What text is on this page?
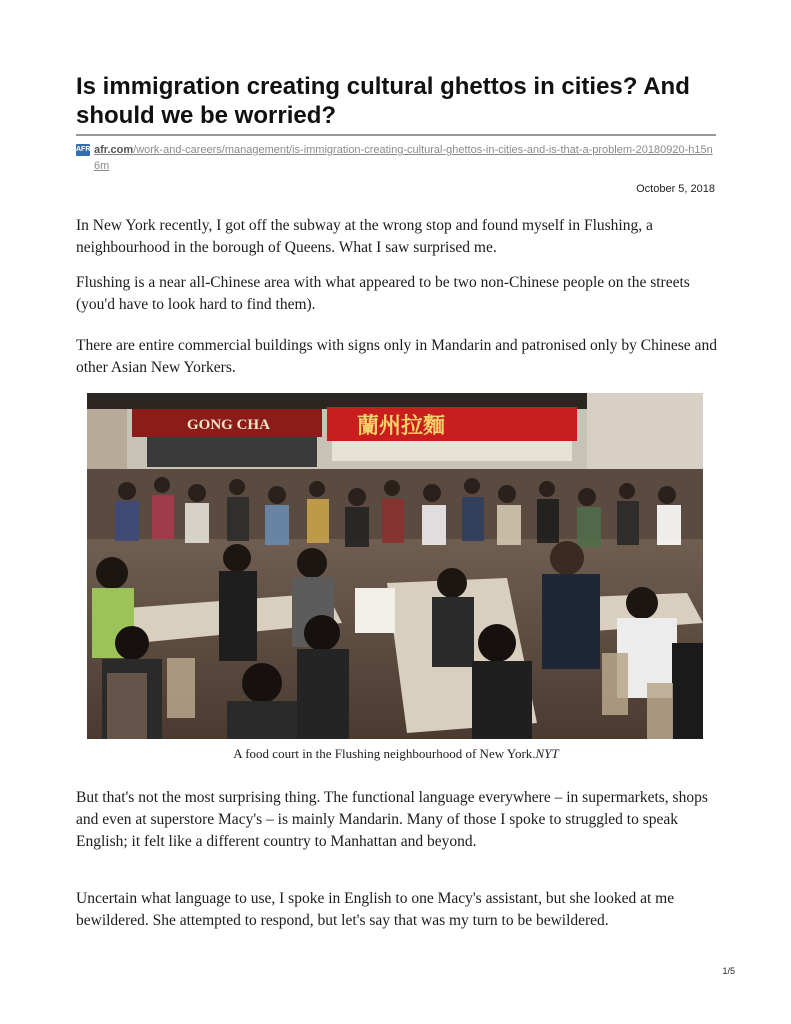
Is immigration creating cultural ghettos in cities? And should we be worried?
AFR afr.com/work-and-careers/management/is-immigration-creating-cultural-ghettos-in-cities-and-is-that-a-problem-20180920-h15n6m
October 5, 2018

In New York recently, I got off the subway at the wrong stop and found myself in Flushing, a neighbourhood in the borough of Queens. What I saw surprised me.

Flushing is a near all-Chinese area with what appeared to be two non-Chinese people on the streets (you'd have to look hard to find them).

There are entire commercial buildings with signs only in Mandarin and patronised only by Chinese and other Asian New Yorkers.

GONG CHA	蘭州拉麵
A food court in the Flushing neighbourhood of New York.NYT

But that's not the most surprising thing. The functional language everywhere – in supermarkets, shops and even at superstore Macy's – is mainly Mandarin. Many of those I spoke to struggled to speak English; it felt like a different country to Manhattan and beyond.

Uncertain what language to use, I spoke in English to one Macy's assistant, but she looked at me bewildered. She attempted to respond, but let's say that was my turn to be bewildered.

1/5
